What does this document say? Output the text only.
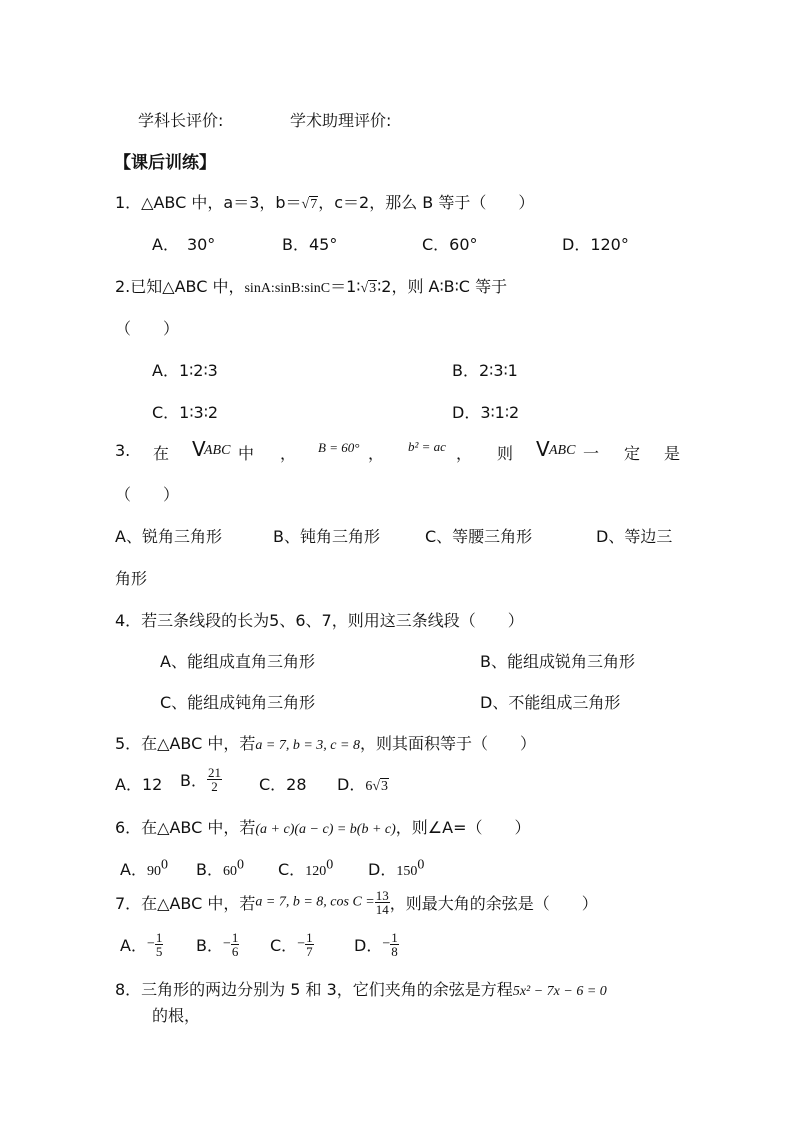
学科长评价:	学术助理评价:
【课后训练】
1．△ABC 中，a＝3，b＝√7，c＝2，那么 B 等于（　　）
A．　30°	B．45°	C．60°	D．120°
2.已知△ABC 中，sinA:sinB:sinC＝1∶√3∶2，则 A∶B∶C 等于
（　　）
A．1∶2∶3	B．2∶3∶1
C．1∶3∶2	D．3∶1∶2
3. 在 V
ABC 中 ， B = 60° ， b² = ac ， 则 V ABC 一 定 是
（　　）
A、锐角三角形	B、钝角三角形	C、等腰三角形	D、等边三
角形
4．若三条线段的长为5、6、7，则用这三条线段（　　）
A、能组成直角三角形	B、能组成锐角三角形
C、能组成钝角三角形	D、不能组成三角形
5．在△ABC 中，若a = 7, b = 3, c = 8，则其面积等于（　　）
A．12 B． $\frac{21}{2}$ C．28 D．6√3
6．在△ABC 中，若(a + c)(a − c) = b(b + c)，则∠A=（　　）
A．$90^0$ B．$60^0$ C．$120^0$ D．$150^0$
7．在△ABC 中，若a = 7, b = 8, $\cos C = \frac{13}{14}$ ，则最大角的余弦是（　　）
A．− $\frac{1}{5}$ B．− $\frac{1}{6}$ C．− $\frac{1}{7}$	D．− $\frac{1}{8}$
8．三角形的两边分别为 5 和 3，它们夹角的余弦是方程5x² − 7x − 6 = 0
的根，
